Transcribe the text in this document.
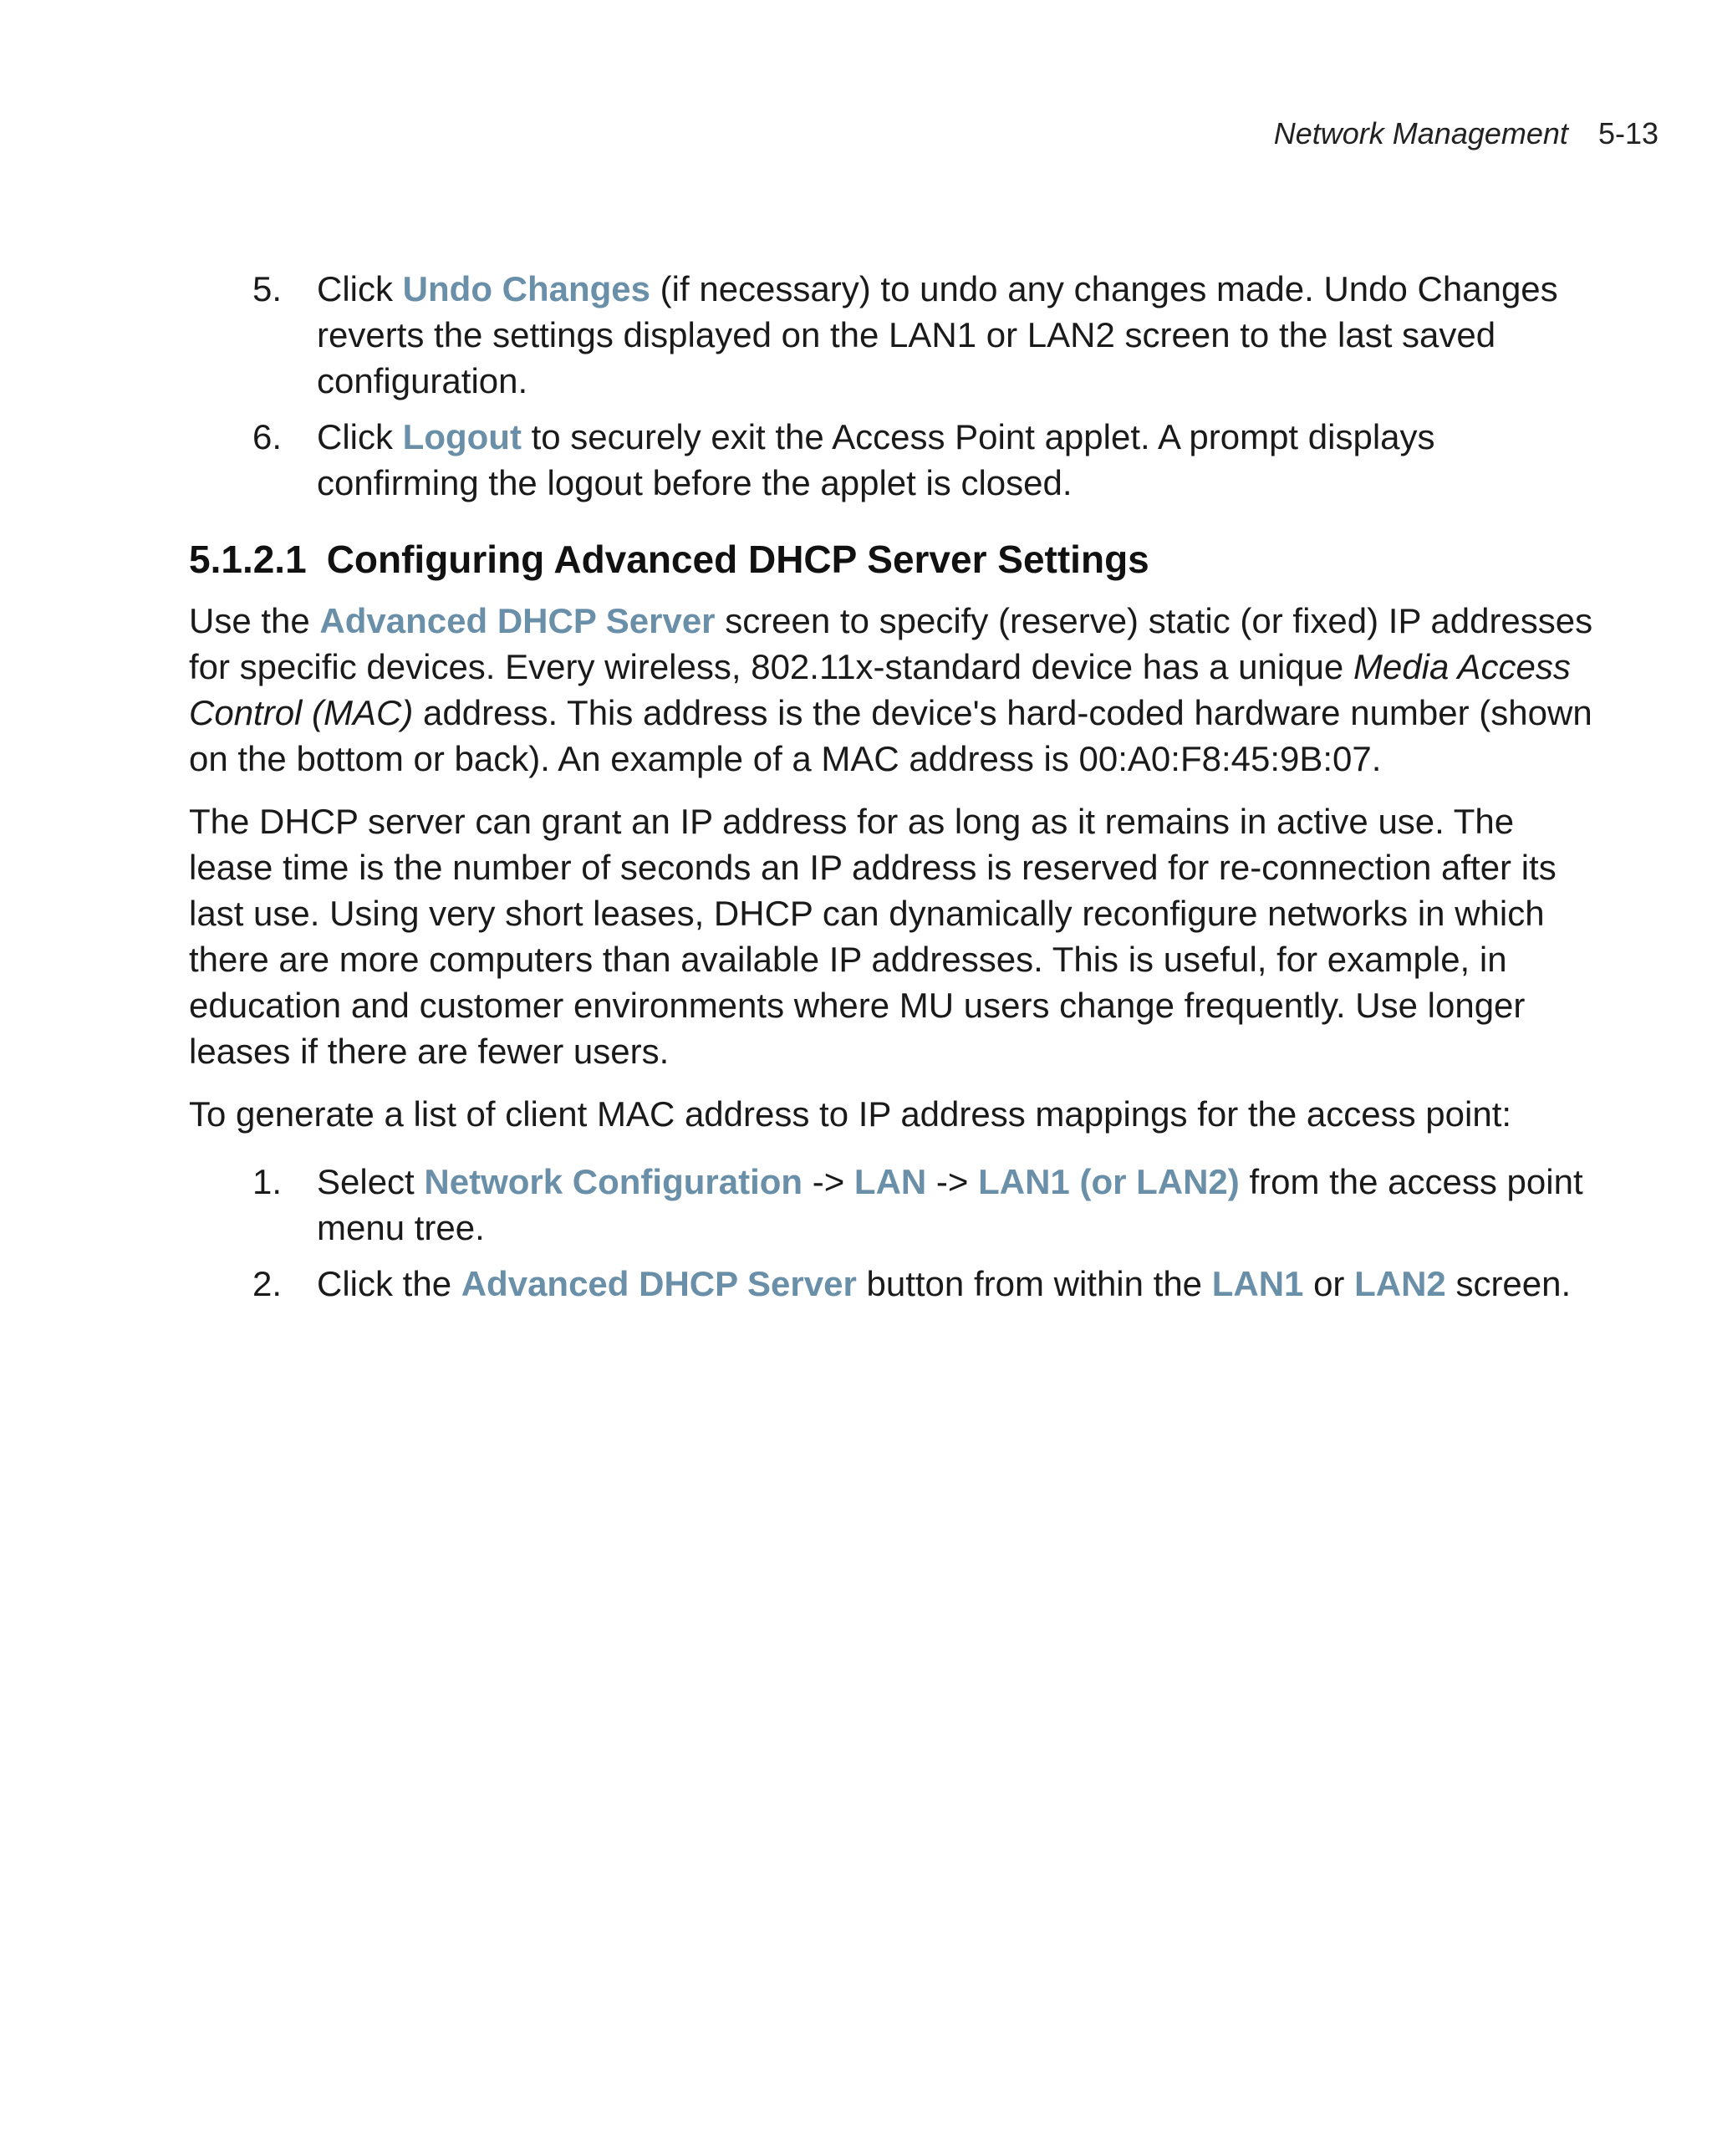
Network Management 5-13
5. Click Undo Changes (if necessary) to undo any changes made. Undo Changes reverts the settings displayed on the LAN1 or LAN2 screen to the last saved configuration.
6. Click Logout to securely exit the Access Point applet. A prompt displays confirming the logout before the applet is closed.
5.1.2.1 Configuring Advanced DHCP Server Settings

Use the Advanced DHCP Server screen to specify (reserve) static (or fixed) IP addresses for specific devices. Every wireless, 802.11x-standard device has a unique Media Access Control (MAC) address. This address is the device's hard-coded hardware number (shown on the bottom or back). An example of a MAC address is 00:A0:F8:45:9B:07.

The DHCP server can grant an IP address for as long as it remains in active use. The lease time is the number of seconds an IP address is reserved for re-connection after its last use. Using very short leases, DHCP can dynamically reconfigure networks in which there are more computers than available IP addresses. This is useful, for example, in education and customer environments where MU users change frequently. Use longer leases if there are fewer users.

To generate a list of client MAC address to IP address mappings for the access point:

1. Select Network Configuration -> LAN -> LAN1 (or LAN2) from the access point menu tree.
2. Click the Advanced DHCP Server button from within the LAN1 or LAN2 screen.
